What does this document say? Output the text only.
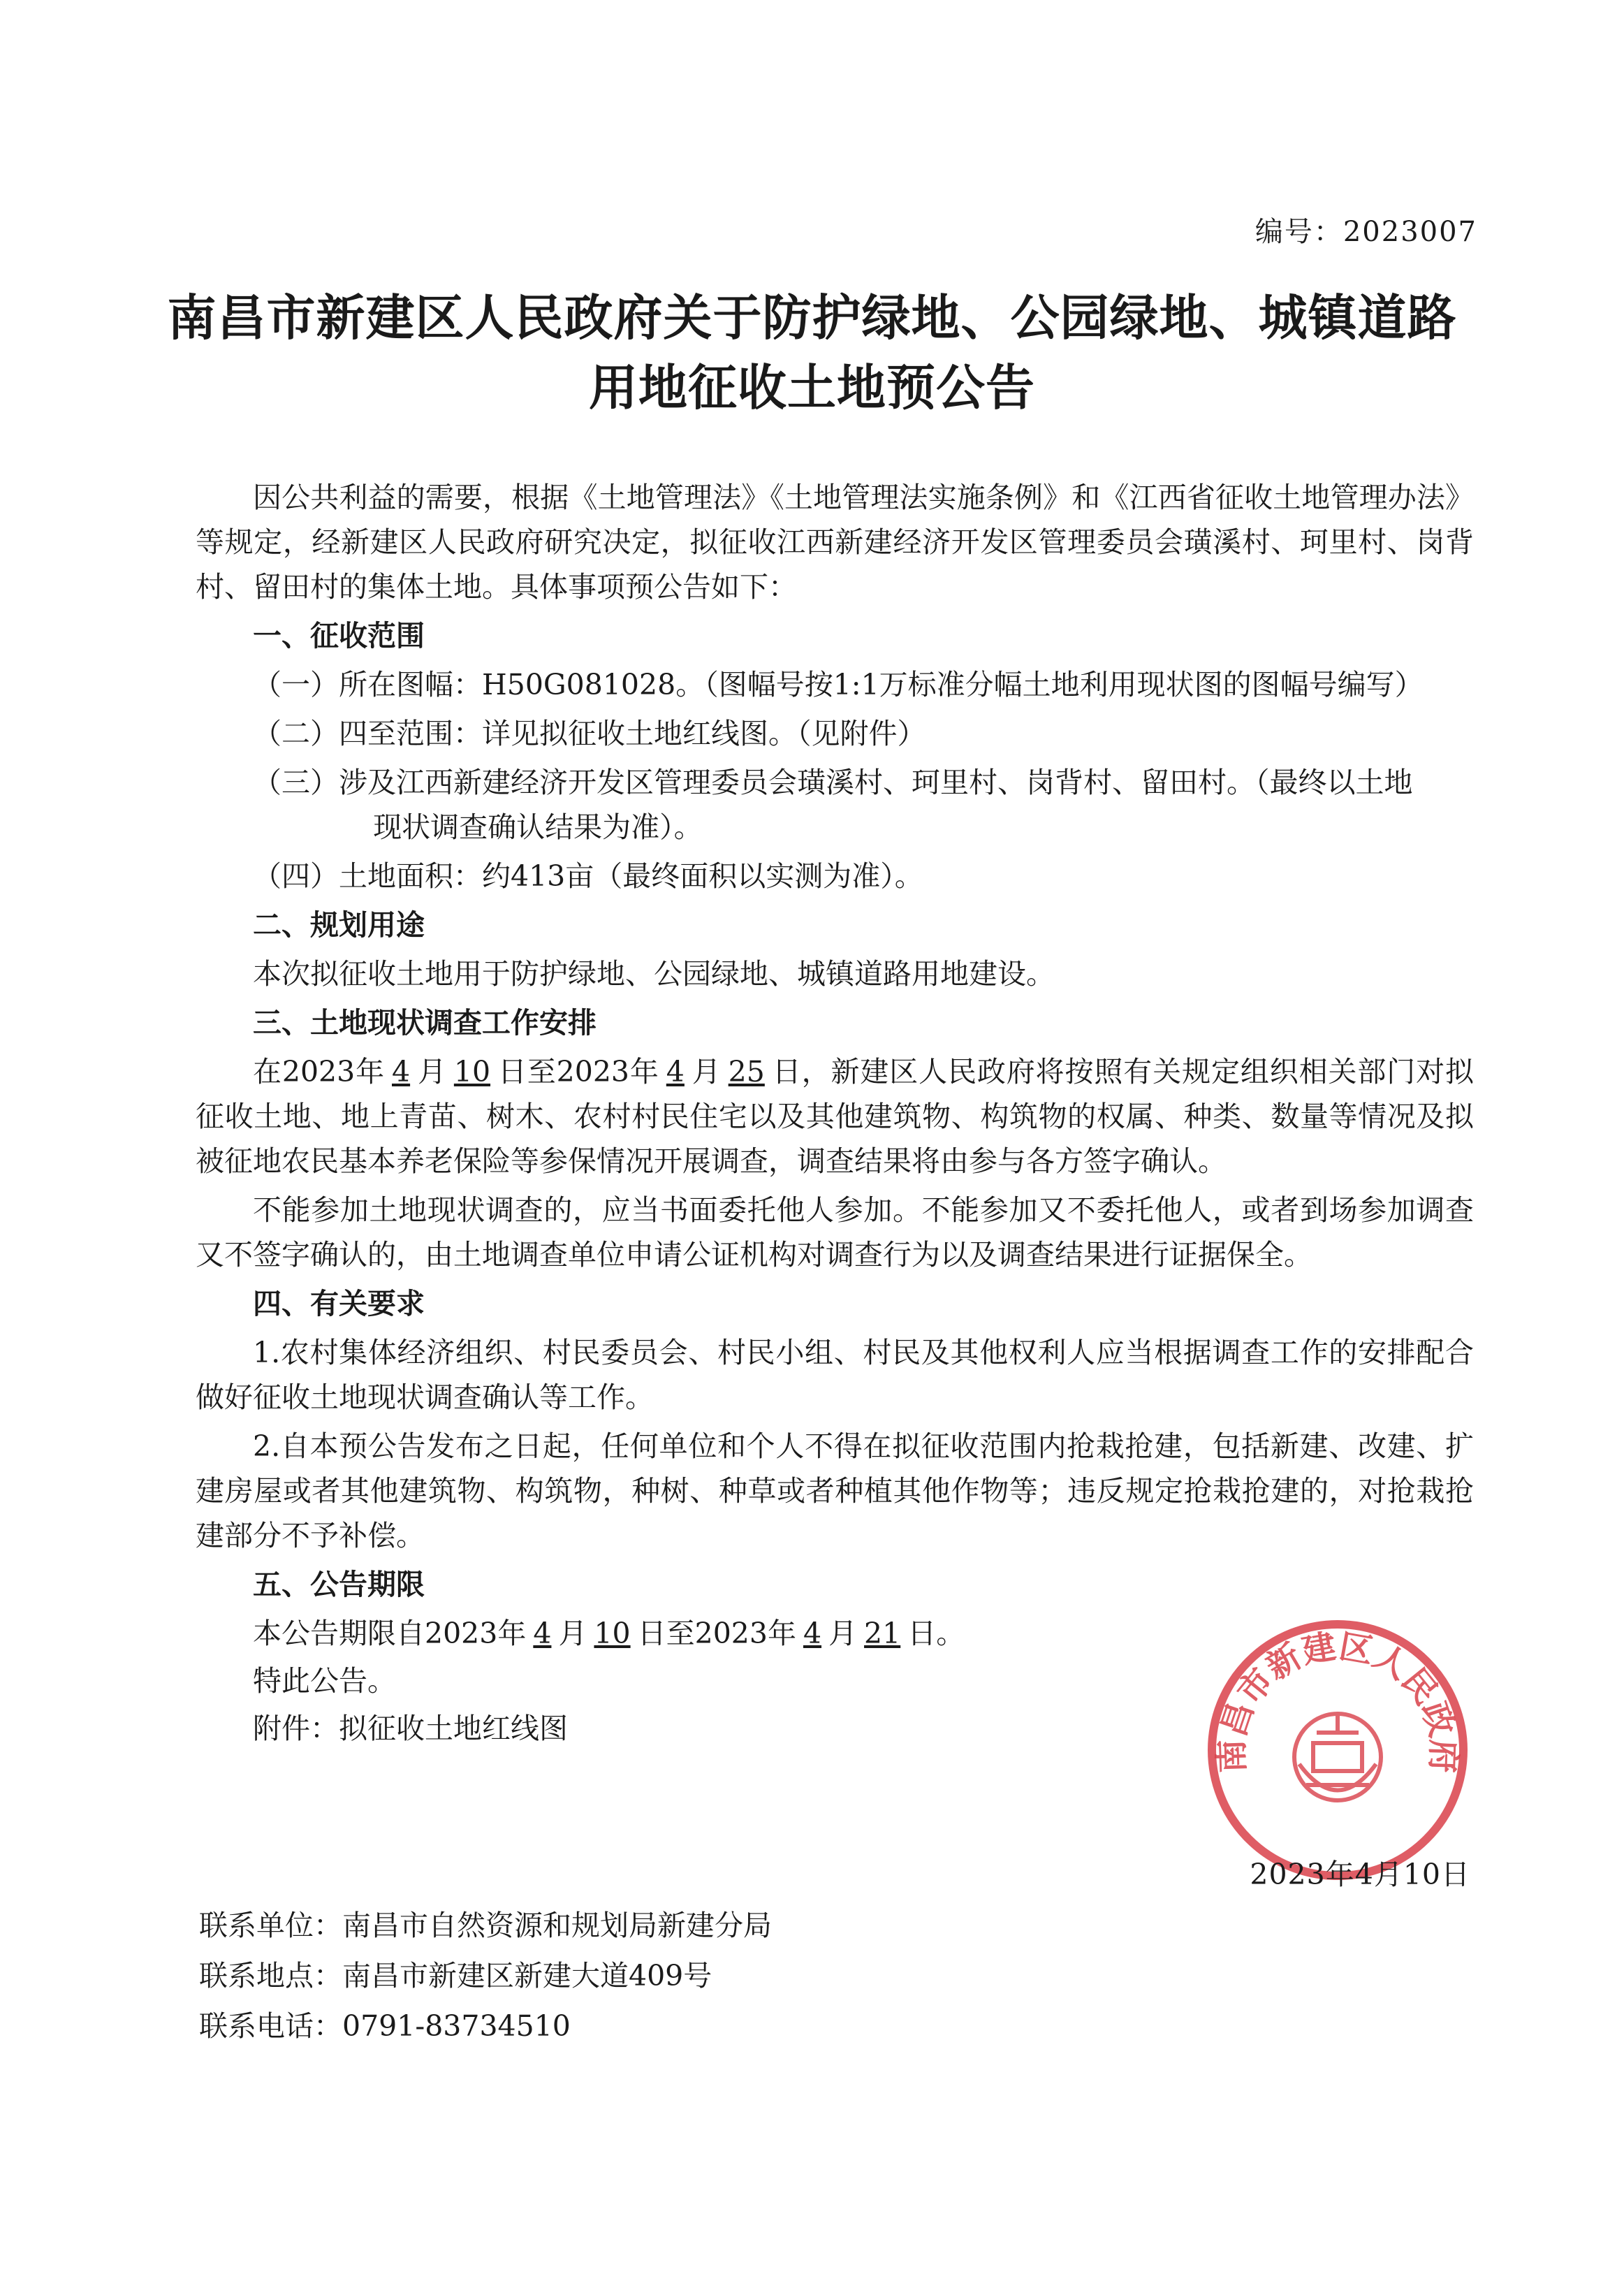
编号：2023007
南昌市新建区人民政府关于防护绿地、公园绿地、城镇道路
用地征收土地预公告

因公共利益的需要，根据《土地管理法》《土地管理法实施条例》和《江西省征收土地管理办法》等规定，经新建区人民政府研究决定，拟征收江西新建经济开发区管理委员会璜溪村、珂里村、岗背村、留田村的集体土地。具体事项预公告如下：

一、征收范围
（一）所在图幅：H50G081028。（图幅号按1:1万标准分幅土地利用现状图的图幅号编写）
（二）四至范围：详见拟征收土地红线图。（见附件）
（三）涉及江西新建经济开发区管理委员会璜溪村、珂里村、岗背村、留田村。（最终以土地
现状调查确认结果为准）。
（四）土地面积：约413亩（最终面积以实测为准）。
二、规划用途

本次拟征收土地用于防护绿地、公园绿地、城镇道路用地建设。

三、土地现状调查工作安排

在2023年 4 月 10 日至2023年 4 月 25 日，新建区人民政府将按照有关规定组织相关部门对拟征收土地、地上青苗、树木、农村村民住宅以及其他建筑物、构筑物的权属、种类、数量等情况及拟被征地农民基本养老保险等参保情况开展调查，调查结果将由参与各方签字确认。

不能参加土地现状调查的，应当书面委托他人参加。不能参加又不委托他人，或者到场参加调查又不签字确认的，由土地调查单位申请公证机构对调查行为以及调查结果进行证据保全。

四、有关要求

1.农村集体经济组织、村民委员会、村民小组、村民及其他权利人应当根据调查工作的安排配合做好征收土地现状调查确认等工作。

2.自本预公告发布之日起，任何单位和个人不得在拟征收范围内抢栽抢建，包括新建、改建、扩建房屋或者其他建筑物、构筑物，种树、种草或者种植其他作物等；违反规定抢栽抢建的，对抢栽抢建部分不予补偿。

五、公告期限
本公告期限自2023年 4 月 10 日至2023年 4 月 21 日。
特此公告。
附件：拟征收土地红线图
南昌市新建区人民政府
2023年4月10日
联系单位：南昌市自然资源和规划局新建分局
联系地点：南昌市新建区新建大道409号
联系电话：0791-83734510
